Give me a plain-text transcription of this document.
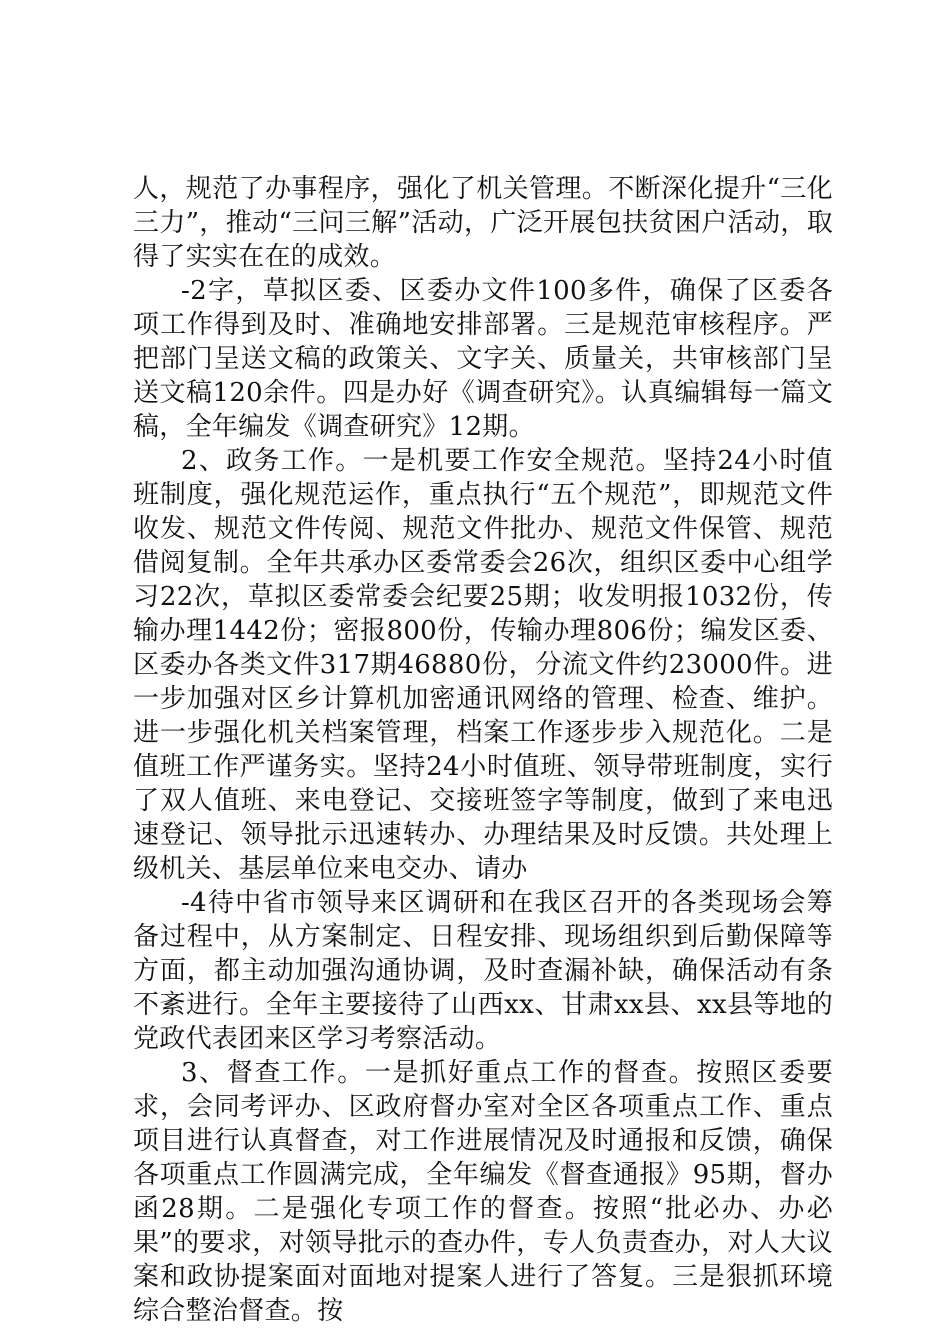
人，规范了办事程序，强化了机关管理。不断深化提升“三化三力”，推动“三问三解”活动，广泛开展包扶贫困户活动，取得了实实在在的成效。

-2字，草拟区委、区委办文件100多件，确保了区委各项工作得到及时、准确地安排部署。三是规范审核程序。严把部门呈送文稿的政策关、文字关、质量关，共审核部门呈送文稿120余件。四是办好《调查研究》。认真编辑每一篇文稿，全年编发《调查研究》12期。

2、政务工作。一是机要工作安全规范。坚持24小时值班制度，强化规范运作，重点执行“五个规范”，即规范文件收发、规范文件传阅、规范文件批办、规范文件保管、规范借阅复制。全年共承办区委常委会26次，组织区委中心组学习22次，草拟区委常委会纪要25期；收发明报1032份，传输办理1442份；密报800份，传输办理806份；编发区委、区委办各类文件317期46880份，分流文件约23000件。进一步加强对区乡计算机加密通讯网络的管理、检查、维护。进一步强化机关档案管理，档案工作逐步步入规范化。二是值班工作严谨务实。坚持24小时值班、领导带班制度，实行了双人值班、来电登记、交接班签字等制度，做到了来电迅速登记、领导批示迅速转办、办理结果及时反馈。共处理上级机关、基层单位来电交办、请办

-4待中省市领导来区调研和在我区召开的各类现场会筹备过程中，从方案制定、日程安排、现场组织到后勤保障等方面，都主动加强沟通协调，及时查漏补缺，确保活动有条不紊进行。全年主要接待了山西xx、甘肃xx县、xx县等地的党政代表团来区学习考察活动。

3、督查工作。一是抓好重点工作的督查。按照区委要求，会同考评办、区政府督办室对全区各项重点工作、重点项目进行认真督查，对工作进展情况及时通报和反馈，确保各项重点工作圆满完成，全年编发《督查通报》95期，督办函28期。二是强化专项工作的督查。按照“批必办、办必果”的要求，对领导批示的查办件，专人负责查办，对人大议案和政协提案面对面地对提案人进行了答复。三是狠抓环境综合整治督查。按
